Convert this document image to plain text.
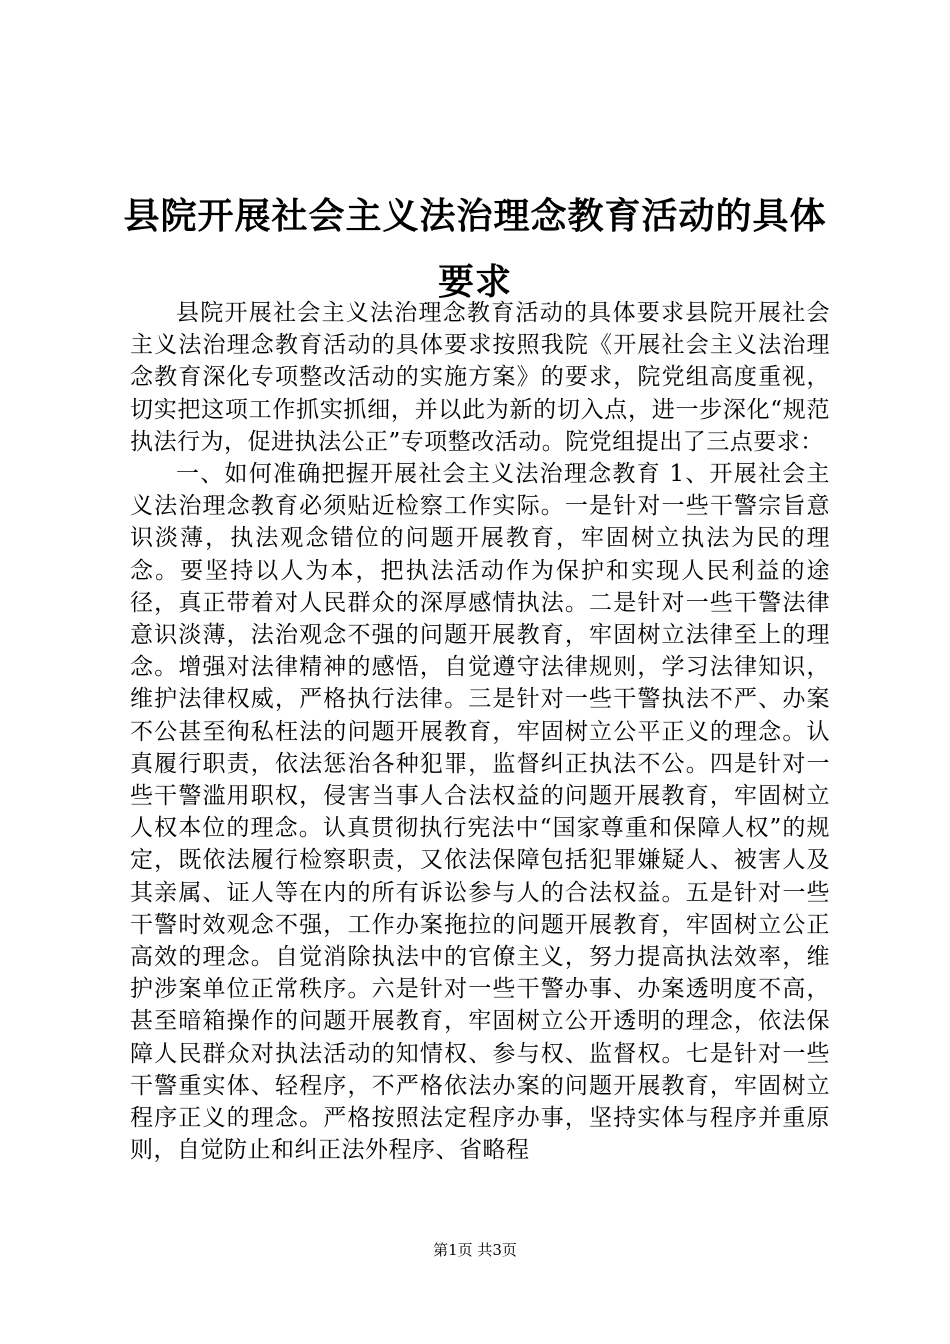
县院开展社会主义法治理念教育活动的具体要求

县院开展社会主义法治理念教育活动的具体要求县院开展社会主义法治理念教育活动的具体要求按照我院《开展社会主义法治理念教育深化专项整改活动的实施方案》的要求，院党组高度重视，切实把这项工作抓实抓细，并以此为新的切入点，进一步深化“规范执法行为，促进执法公正”专项整改活动。院党组提出了三点要求：

一、如何准确把握开展社会主义法治理念教育 1、开展社会主义法治理念教育必须贴近检察工作实际。一是针对一些干警宗旨意识淡薄，执法观念错位的问题开展教育，牢固树立执法为民的理念。要坚持以人为本，把执法活动作为保护和实现人民利益的途径，真正带着对人民群众的深厚感情执法。二是针对一些干警法律意识淡薄，法治观念不强的问题开展教育，牢固树立法律至上的理念。增强对法律精神的感悟，自觉遵守法律规则，学习法律知识，维护法律权威，严格执行法律。三是针对一些干警执法不严、办案不公甚至徇私枉法的问题开展教育，牢固树立公平正义的理念。认真履行职责，依法惩治各种犯罪，监督纠正执法不公。四是针对一些干警滥用职权，侵害当事人合法权益的问题开展教育，牢固树立人权本位的理念。认真贯彻执行宪法中“国家尊重和保障人权”的规定，既依法履行检察职责，又依法保障包括犯罪嫌疑人、被害人及其亲属、证人等在内的所有诉讼参与人的合法权益。五是针对一些干警时效观念不强，工作办案拖拉的问题开展教育，牢固树立公正高效的理念。自觉消除执法中的官僚主义，努力提高执法效率，维护涉案单位正常秩序。六是针对一些干警办事、办案透明度不高，甚至暗箱操作的问题开展教育，牢固树立公开透明的理念，依法保障人民群众对执法活动的知情权、参与权、监督权。七是针对一些干警重实体、轻程序，不严格依法办案的问题开展教育，牢固树立程序正义的理念。严格按照法定程序办事，坚持实体与程序并重原则，自觉防止和纠正法外程序、省略程

第1页 共3页
